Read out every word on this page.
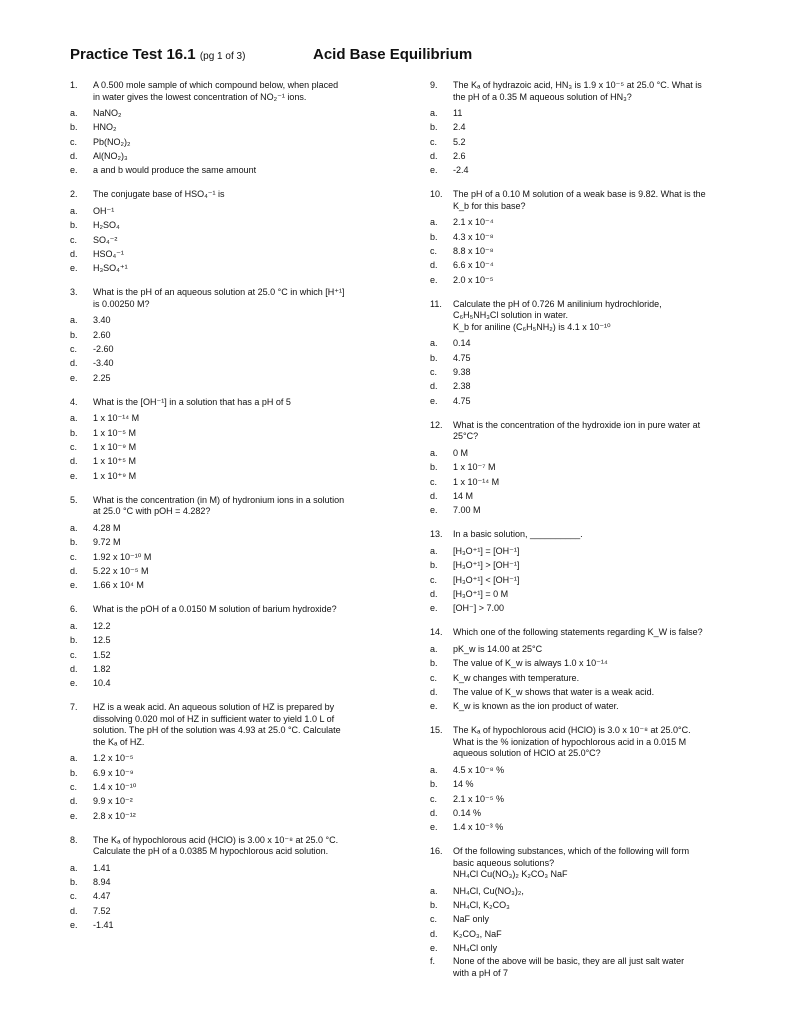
Practice Test 16.1 (pg 1 of 3)	Acid Base Equilibrium
1. A 0.500 mole sample of which compound below, when placed
in water gives the lowest concentration of NO₂⁻¹ ions.
a. NaNO₂
b. HNO₂
c. Pb(NO₂)₂
d. Al(NO₂)₃
e. a and b would produce the same amount
2. The conjugate base of HSO₄⁻¹ is
a. OH⁻¹
b. H₂SO₄
c. SO₄⁻²
d. HSO₄⁻¹
e. H₃SO₄⁺¹
3. What is the pH of an aqueous solution at 25.0 °C in which [H⁺¹]
is 0.00250 M?
a. 3.40
b. 2.60
c. -2.60
d. -3.40
e. 2.25
4. What is the [OH⁻¹] in a solution that has a pH of 5
a. 1 x 10⁻¹⁴ M
b. 1 x 10⁻⁵ M
c. 1 x 10⁻⁹ M
d. 1 x 10⁺⁵ M
e. 1 x 10⁺⁹ M
5. What is the concentration (in M) of hydronium ions in a solution
at 25.0 °C with pOH = 4.282?
a. 4.28 M
b. 9.72 M
c. 1.92 x 10⁻¹⁰ M
d. 5.22 x 10⁻⁵ M
e. 1.66 x 10⁴ M
6. What is the pOH of a 0.0150 M solution of barium hydroxide?
a. 12.2
b. 12.5
c. 1.52
d. 1.82
e. 10.4
7. HZ is a weak acid. An aqueous solution of HZ is prepared by
dissolving 0.020 mol of HZ in sufficient water to yield 1.0 L of
solution. The pH of the solution was 4.93 at 25.0 °C. Calculate
the Kₐ of HZ.
a. 1.2 x 10⁻⁵
b. 6.9 x 10⁻⁹
c. 1.4 x 10⁻¹⁰
d. 9.9 x 10⁻²
e. 2.8 x 10⁻¹²
8. The Kₐ of hypochlorous acid (HClO) is 3.00 x 10⁻⁸ at 25.0 °C.
Calculate the pH of a 0.0385 M hypochlorous acid solution.
a. 1.41
b. 8.94
c. 4.47
d. 7.52
e. -1.41
9. The Kₐ of hydrazoic acid, HN₃ is 1.9 x 10⁻⁵ at 25.0 °C. What is
the pH of a 0.35 M aqueous solution of HN₃?
a. 11
b. 2.4
c. 5.2
d. 2.6
e. -2.4
10. The pH of a 0.10 M solution of a weak base is 9.82. What is the
K_b for this base?
a. 2.1 x 10⁻⁴
b. 4.3 x 10⁻⁸
c. 8.8 x 10⁻⁸
d. 6.6 x 10⁻⁴
e. 2.0 x 10⁻⁵
11. Calculate the pH of 0.726 M anilinium hydrochloride,
C₆H₅NH₃Cl solution in water.
K_b for aniline (C₆H₅NH₂) is 4.1 x 10⁻¹⁰
a. 0.14
b. 4.75
c. 9.38
d. 2.38
e. 4.75
12. What is the concentration of the hydroxide ion in pure water at
25°C?
a. 0 M
b. 1 x 10⁻⁷ M
c. 1 x 10⁻¹⁴ M
d. 14 M
e. 7.00 M
13. In a basic solution, __________.
a. [H₃O⁺¹] = [OH⁻¹]
b. [H₃O⁺¹] > [OH⁻¹]
c. [H₃O⁺¹] < [OH⁻¹]
d. [H₃O⁺¹] = 0 M
e. [OH⁻] > 7.00
14. Which one of the following statements regarding K_W is false?
a. pK_w is 14.00 at 25°C
b. The value of K_w is always 1.0 x 10⁻¹⁴
c. K_w changes with temperature.
d. The value of K_w shows that water is a weak acid.
e. K_w is known as the ion product of water.
15. The Kₐ of hypochlorous acid (HClO) is 3.0 x 10⁻⁸ at 25.0°C.
What is the % ionization of hypochlorous acid in a 0.015 M
aqueous solution of HClO at 25.0°C?
a. 4.5 x 10⁻⁸ %
b. 14 %
c. 2.1 x 10⁻⁵ %
d. 0.14 %
e. 1.4 x 10⁻³ %
16. Of the following substances, which of the following will form
basic aqueous solutions?
NH₄Cl Cu(NO₃)₂ K₂CO₃ NaF
a. NH₄Cl, Cu(NO₃)₂,
b. NH₄Cl, K₂CO₃
c. NaF only
d. K₂CO₃, NaF
e. NH₄Cl only
f. None of the above will be basic, they are all just salt water
with a pH of 7
